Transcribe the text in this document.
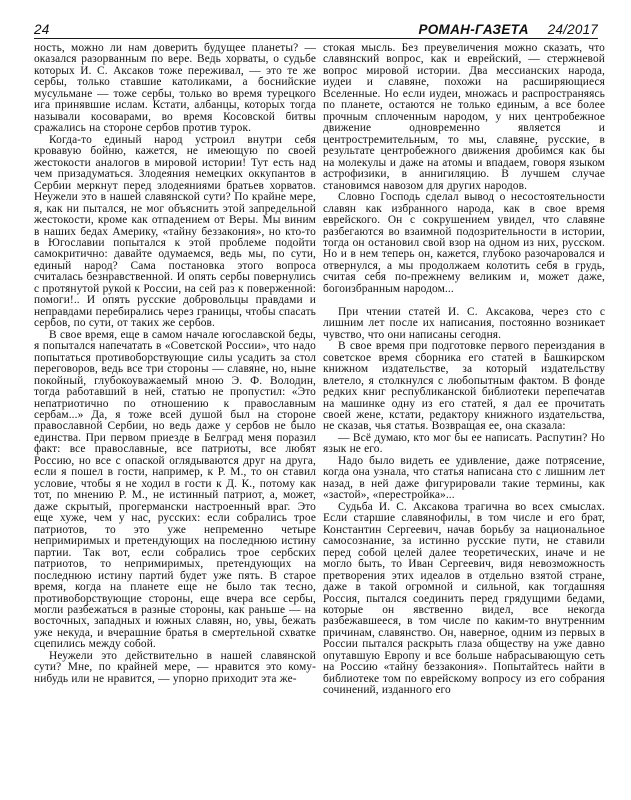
24	РОМАН-ГАЗЕТА 24/2017

ность, можно ли нам доверить будущее планеты? — оказался разорванным по вере. Ведь хорваты, о судьбе которых И. С. Аксаков тоже переживал, — это те же сербы, только ставшие католиками, а боснийские мусульмане — тоже сербы, только во время турецкого ига принявшие ислам. Кстати, албанцы, которых тогда называли косоварами, во время Косовской битвы сражались на стороне сербов против турок.

Когда-то единый народ устроил внутри себя кровавую бойню, кажется, не имеющую по своей жестокости аналогов в мировой истории! Тут есть над чем призадуматься. Злодеяния немецких оккупантов в Сербии меркнут перед злодеяниями братьев хорватов. Неужели это в нашей славянской сути? По крайне мере, я, как ни пытался, не мог объяснить этой запредельной жестокости, кроме как отпадением от Веры. Мы виним в наших бедах Америку, «тайну беззакония», но кто-то в Югославии попытался к этой проблеме подойти самокритично: давайте одумаемся, ведь мы, по сути, единый народ? Сама постановка этого вопроса считалась безнравственной. И опять сербы повернулись с протянутой рукой к России, на сей раз к поверженной: помоги!.. И опять русские добровольцы правдами и неправдами перебирались через границы, чтобы спасать сербов, по сути, от таких же сербов.

В свое время, еще в самом начале югославской беды, я попытался напечатать в «Советской России», что надо попытаться противоборствующие силы усадить за стол переговоров, ведь все три стороны — славяне, но, ныне покойный, глубокоуважаемый мною Э. Ф. Володин, тогда работавший в ней, статью не пропустил: «Это непатриотично по отношению к православным сербам...» Да, я тоже всей душой был на стороне православной Сербии, но ведь даже у сербов не было единства. При первом приезде в Белград меня поразил факт: все православные, все патриоты, все любят Россию, но все с опаской оглядываются друг на друга, если я пошел в гости, например, к Р. М., то он ставил условие, чтобы я не ходил в гости к Д. К., потому как тот, по мнению Р. М., не истинный патриот, а, может, даже скрытый, прогермански настроенный враг. Это еще хуже, чем у нас, русских: если собрались трое патриотов, то это уже непременно четыре непримиримых и претендующих на последнюю истину партии. Так вот, если собрались трое сербских патриотов, то непримиримых, претендующих на последнюю истину партий будет уже пять. В старое время, когда на планете еще не было так тесно, противоборствующие стороны, еще вчера все сербы, могли разбежаться в разные стороны, как раньше — на восточных, западных и южных славян, но, увы, бежать уже некуда, и вчерашние братья в смертельной схватке сцепились между собой.

Неужели это действительно в нашей славянской сути? Мне, по крайней мере, — нравится это кому-нибудь или не нравится, — упорно приходит эта же-

стокая мысль. Без преувеличения можно сказать, что славянский вопрос, как и еврейский, — стержневой вопрос мировой истории. Два мессианских народа, иудеи и славяне, похожи на расширяющиеся Вселенные. Но если иудеи, множась и распространяясь по планете, остаются не только единым, а все более прочным сплоченным народом, у них центробежное движение одновременно является и центростремительным, то мы, славяне, русские, в результате центробежного движения дробимся как бы на молекулы и даже на атомы и впадаем, говоря языком астрофизики, в аннигиляцию. В лучшем случае становимся навозом для других народов.

Словно Господь сделал вывод о несостоятельности славян как избранного народа, как в свое время еврейского. Он с сокрушением увидел, что славяне разбегаются во взаимной подозрительности в истории, тогда он остановил свой взор на одном из них, русском. Но и в нем теперь он, кажется, глубоко разочаровался и отвернулся, а мы продолжаем колотить себя в грудь, считая себя по-прежнему великим и, может даже, богоизбранным народом...

При чтении статей И. С. Аксакова, через сто с лишним лет после их написания, постоянно возникает чувство, что они написаны сегодня.

В свое время при подготовке первого переиздания в советское время сборника его статей в Башкирском книжном издательстве, за который издательству влетело, я столкнулся с любопытным фактом. В фонде редких книг республиканской библиотеки перепечатав на машинке одну из его статей, я дал ее прочитать своей жене, кстати, редактору книжного издательства, не сказав, чья статья. Возвращая ее, она сказала:

— Всё думаю, кто мог бы ее написать. Распутин? Но язык не его.

Надо было видеть ее удивление, даже потрясение, когда она узнала, что статья написана сто с лишним лет назад, в ней даже фигурировали такие термины, как «застой», «перестройка»...

Судьба И. С. Аксакова трагична во всех смыслах. Если старшие славянофилы, в том числе и его брат, Константин Сергеевич, начав борьбу за национальное самосознание, за истинно русские пути, не ставили перед собой целей далее теоретических, иначе и не могло быть, то Иван Сергеевич, видя невозможность претворения этих идеалов в отдельно взятой стране, даже в такой огромной и сильной, как тогдашняя Россия, пытался соединить перед грядущими бедами, которые он явственно видел, все некогда разбежавшееся, в том числе по каким-то внутренним причинам, славянство. Он, наверное, одним из первых в России пытался раскрыть глаза обществу на уже давно опутавшую Европу и все больше набрасывающую сеть на Россию «тайну беззакония». Попытайтесь найти в библиотеке том по еврейскому вопросу из его собрания сочинений, изданного его
